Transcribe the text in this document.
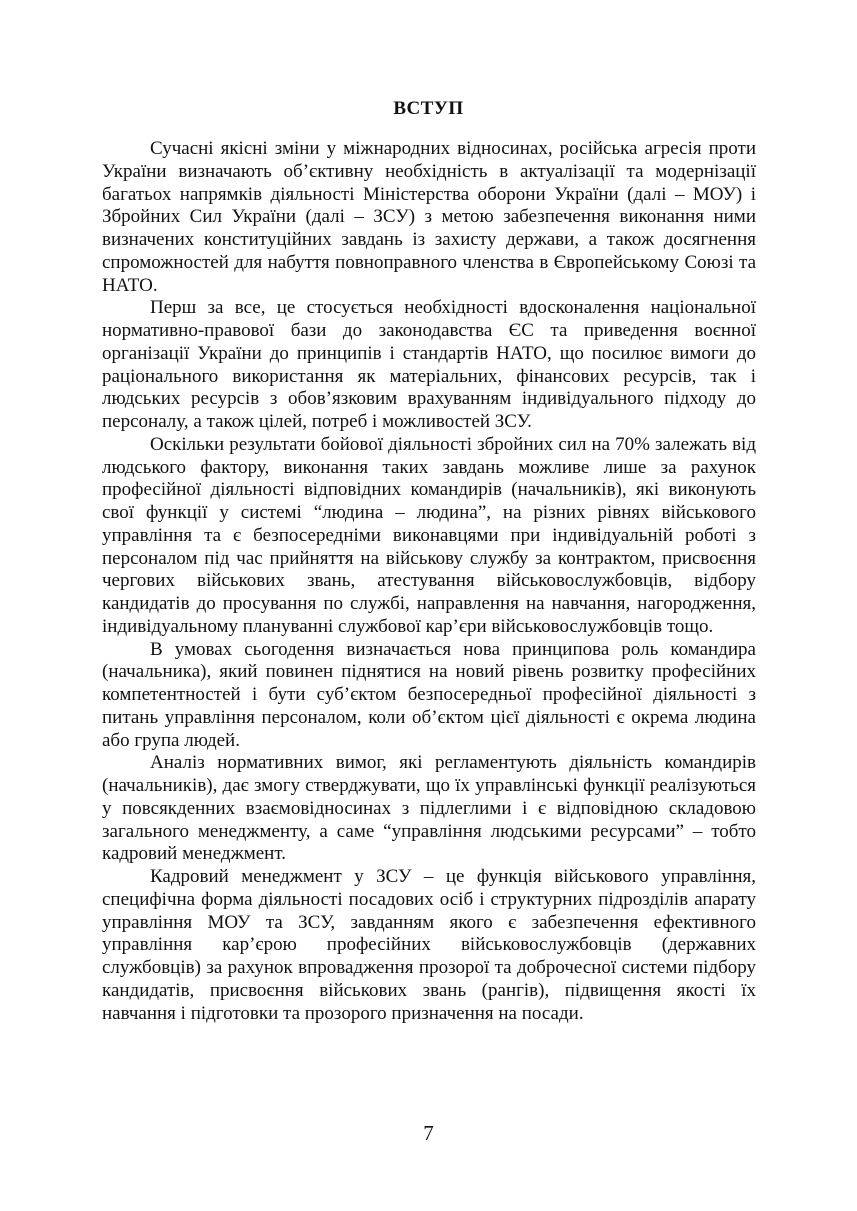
ВСТУП

Сучасні якісні зміни у міжнародних відносинах, російська агресія проти України визначають об’єктивну необхідність в актуалізації та модернізації багатьох напрямків діяльності Міністерства оборони України (далі – МОУ) і Збройних Сил України (далі – ЗСУ) з метою забезпечення виконання ними визначених конституційних завдань із захисту держави, а також досягнення спроможностей для набуття повноправного членства в Європейському Союзі та НАТО.

Перш за все, це стосується необхідності вдосконалення національної нормативно-правової бази до законодавства ЄС та приведення воєнної організації України до принципів і стандартів НАТО, що посилює вимоги до раціонального використання як матеріальних, фінансових ресурсів, так і людських ресурсів з обов’язковим врахуванням індивідуального підходу до персоналу, а також цілей, потреб і можливостей ЗСУ.

Оскільки результати бойової діяльності збройних сил на 70% залежать від людського фактору, виконання таких завдань можливе лише за рахунок професійної діяльності відповідних командирів (начальників), які виконують свої функції у системі “людина – людина”, на різних рівнях військового управління та є безпосередніми виконавцями при індивідуальній роботі з персоналом під час прийняття на військову службу за контрактом, присвоєння чергових військових звань, атестування військовослужбовців, відбору кандидатів до просування по службі, направлення на навчання, нагородження, індивідуальному плануванні службової кар’єри військовослужбовців тощо.

В умовах сьогодення визначається нова принципова роль командира (начальника), який повинен піднятися на новий рівень розвитку професійних компетентностей і бути суб’єктом безпосередньої професійної діяльності з питань управління персоналом, коли об’єктом цієї діяльності є окрема людина або група людей.

Аналіз нормативних вимог, які регламентують діяльність командирів (начальників), дає змогу стверджувати, що їх управлінські функції реалізуються у повсякденних взаємовідносинах з підлеглими і є відповідною складовою загального менеджменту, а саме “управління людськими ресурсами” – тобто кадровий менеджмент.

Кадровий менеджмент у ЗСУ – це функція військового управління, специфічна форма діяльності посадових осіб і структурних підрозділів апарату управління МОУ та ЗСУ, завданням якого є забезпечення ефективного управління кар’єрою професійних військовослужбовців (державних службовців) за рахунок впровадження прозорої та доброчесної системи підбору кандидатів, присвоєння військових звань (рангів), підвищення якості їх навчання і підготовки та прозорого призначення на посади.

7
